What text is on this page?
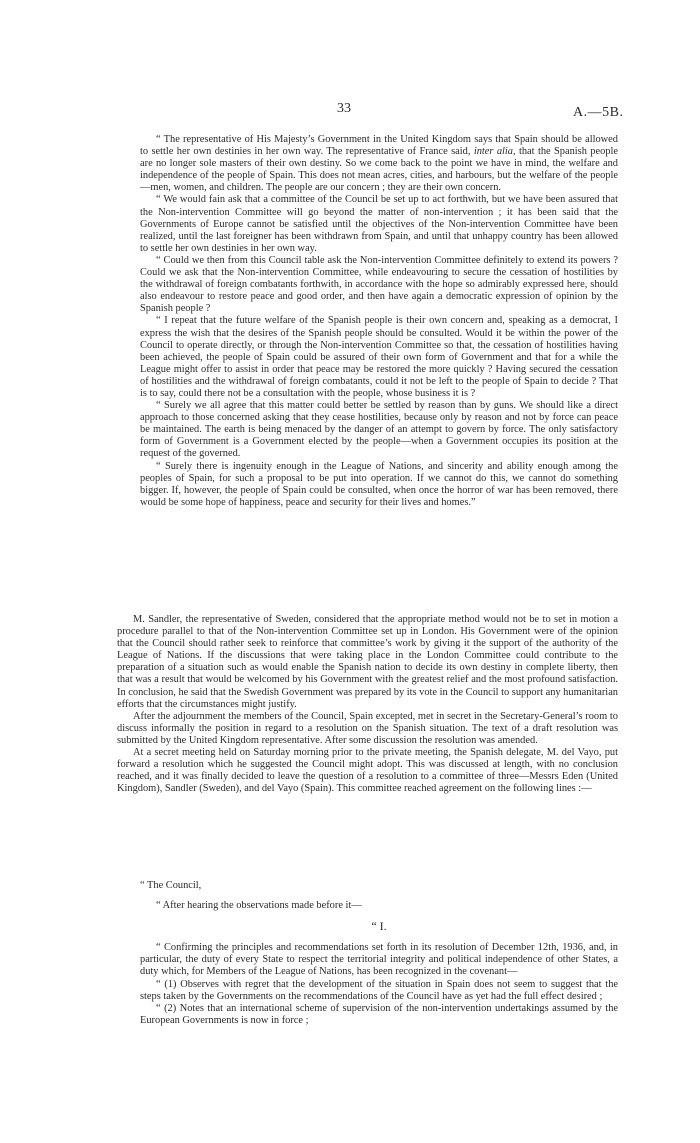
33	A.—5B.

“ The representative of His Majesty’s Government in the United Kingdom says that Spain should be allowed to settle her own destinies in her own way. The representative of France said, inter alia, that the Spanish people are no longer sole masters of their own destiny. So we come back to the point we have in mind, the welfare and independence of the people of Spain. This does not mean acres, cities, and harbours, but the welfare of the people—men, women, and children. The people are our concern ; they are their own concern.

“ We would fain ask that a committee of the Council be set up to act forthwith, but we have been assured that the Non-intervention Committee will go beyond the matter of non-intervention ; it has been said that the Governments of Europe cannot be satisfied until the objectives of the Non-intervention Committee have been realized, until the last foreigner has been withdrawn from Spain, and until that unhappy country has been allowed to settle her own destinies in her own way.

“ Could we then from this Council table ask the Non-intervention Committee definitely to extend its powers ? Could we ask that the Non-intervention Committee, while endeavouring to secure the cessation of hostilities by the withdrawal of foreign combatants forthwith, in accordance with the hope so admirably expressed here, should also endeavour to restore peace and good order, and then have again a democratic expression of opinion by the Spanish people ?

“ I repeat that the future welfare of the Spanish people is their own concern and, speaking as a democrat, I express the wish that the desires of the Spanish people should be consulted. Would it be within the power of the Council to operate directly, or through the Non-intervention Committee so that, the cessation of hostilities having been achieved, the people of Spain could be assured of their own form of Government and that for a while the League might offer to assist in order that peace may be restored the more quickly ? Having secured the cessation of hostilities and the withdrawal of foreign combatants, could it not be left to the people of Spain to decide ? That is to say, could there not be a consultation with the people, whose business it is ?

“ Surely we all agree that this matter could better be settled by reason than by guns. We should like a direct approach to those concerned asking that they cease hostilities, because only by reason and not by force can peace be maintained. The earth is being menaced by the danger of an attempt to govern by force. The only satisfactory form of Government is a Government elected by the people—when a Government occupies its position at the request of the governed.

“ Surely there is ingenuity enough in the League of Nations, and sincerity and ability enough among the peoples of Spain, for such a proposal to be put into operation. If we cannot do this, we cannot do something bigger. If, however, the people of Spain could be consulted, when once the horror of war has been removed, there would be some hope of happiness, peace and security for their lives and homes.”

M. Sandler, the representative of Sweden, considered that the appropriate method would not be to set in motion a procedure parallel to that of the Non-intervention Committee set up in London. His Government were of the opinion that the Council should rather seek to reinforce that committee’s work by giving it the support of the authority of the League of Nations. If the discussions that were taking place in the London Committee could contribute to the preparation of a situation such as would enable the Spanish nation to decide its own destiny in complete liberty, then that was a result that would be welcomed by his Government with the greatest relief and the most profound satisfaction. In conclusion, he said that the Swedish Government was prepared by its vote in the Council to support any humanitarian efforts that the circumstances might justify.

After the adjournment the members of the Council, Spain excepted, met in secret in the Secretary-General’s room to discuss informally the position in regard to a resolution on the Spanish situation. The text of a draft resolution was submitted by the United Kingdom representative. After some discussion the resolution was amended.

At a secret meeting held on Saturday morning prior to the private meeting, the Spanish delegate, M. del Vayo, put forward a resolution which he suggested the Council might adopt. This was discussed at length, with no conclusion reached, and it was finally decided to leave the question of a resolution to a committee of three—Messrs Eden (United Kingdom), Sandler (Sweden), and del Vayo (Spain). This committee reached agreement on the following lines :—

“ The Council,

“ After hearing the observations made before it—

“ I.

“ Confirming the principles and recommendations set forth in its resolution of December 12th, 1936, and, in particular, the duty of every State to respect the territorial integrity and political independence of other States, a duty which, for Members of the League of Nations, has been recognized in the covenant—

“ (1) Observes with regret that the development of the situation in Spain does not seem to suggest that the steps taken by the Governments on the recommendations of the Council have as yet had the full effect desired ;

“ (2) Notes that an international scheme of supervision of the non-intervention undertakings assumed by the European Governments is now in force ;
